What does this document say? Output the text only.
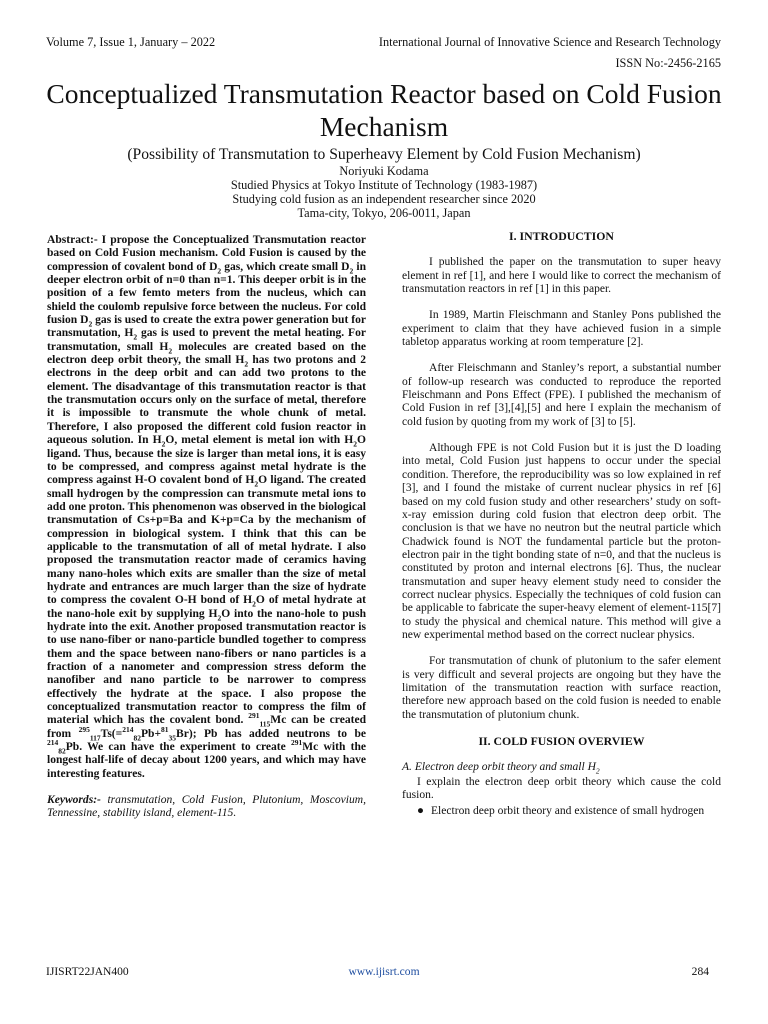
Volume 7, Issue 1, January – 2022	International Journal of Innovative Science and Research Technology
ISSN No:-2456-2165
Conceptualized Transmutation Reactor based on Cold Fusion Mechanism
(Possibility of Transmutation to Superheavy Element by Cold Fusion Mechanism)
Noriyuki Kodama
Studied Physics at Tokyo Institute of Technology (1983-1987)
Studying cold fusion as an independent researcher since 2020
Tama-city, Tokyo, 206-0011, Japan
Abstract:- I propose the Conceptualized Transmutation reactor based on Cold Fusion mechanism. Cold Fusion is caused by the compression of covalent bond of $D_2$ gas, which create small $D_2$ in deeper electron orbit of n=0 than n=1. This deeper orbit is in the position of a few femto meters from the nucleus, which can shield the coulomb repulsive force between the nucleus. For cold fusion $D_2$ gas is used to create the extra power generation but for transmutation, $H_2$ gas is used to prevent the metal heating. For transmutation, small $H_2$ molecules are created based on the electron deep orbit theory, the small $H_2$ has two protons and 2 electrons in the deep orbit and can add two protons to the element. The disadvantage of this transmutation reactor is that the transmutation occurs only on the surface of metal, therefore it is impossible to transmute the whole chunk of metal. Therefore, I also proposed the different cold fusion reactor in aqueous solution. In $H_2O$, metal element is metal ion with $H_2O$ ligand. Thus, because the size is larger than metal ions, it is easy to be compressed, and compress against metal hydrate is the compress against H-O covalent bond of $H_2O$ ligand. The created small hydrogen by the compression can transmute metal ions to add one proton. This phenomenon was observed in the biological transmutation of Cs+p=Ba and K+p=Ca by the mechanism of compression in biological system. I think that this can be applicable to the transmutation of all of metal hydrate. I also proposed the transmutation reactor made of ceramics having many nano-holes which exits are smaller than the size of metal hydrate and entrances are much larger than the size of hydrate to compress the covalent O-H bond of $H_2O$ of metal hydrate at the nano-hole exit by supplying $H_2O$ into the nano-hole to push hydrate into the exit. Another proposed transmutation reactor is to use nano-fiber or nano-particle bundled together to compress them and the space between nano-fibers or nano particles is a fraction of a nanometer and compression stress deform the nanofiber and nano particle to be narrower to compress effectively the hydrate at the space. I also propose the conceptualized transmutation reactor to compress the film of material which has the covalent bond. $^{291}_{115}$Mc can be created from $^{295}_{117}$Ts(=$^{214}_{82}$Pb+$^{81}_{35}$Br); Pb has added neutrons to be $^{214}_{82}$Pb. We can have the experiment to create $^{291}$Mc with the longest half-life of decay about 1200 years, and which may have interesting features.
Keywords:- transmutation, Cold Fusion, Plutonium, Moscovium, Tennessine, stability island, element-115.
I. INTRODUCTION

I published the paper on the transmutation to super heavy element in ref [1], and here I would like to correct the mechanism of transmutation reactors in ref [1] in this paper.

In 1989, Martin Fleischmann and Stanley Pons published the experiment to claim that they have achieved fusion in a simple tabletop apparatus working at room temperature [2].

After Fleischmann and Stanley’s report, a substantial number of follow-up research was conducted to reproduce the reported Fleischmann and Pons Effect (FPE). I published the mechanism of Cold Fusion in ref [3],[4],[5] and here I explain the mechanism of cold fusion by quoting from my work of [3] to [5].

Although FPE is not Cold Fusion but it is just the D loading into metal, Cold Fusion just happens to occur under the special condition. Therefore, the reproducibility was so low explained in ref [3], and I found the mistake of current nuclear physics in ref [6] based on my cold fusion study and other researchers’ study on soft-x-ray emission during cold fusion that electron deep orbit. The conclusion is that we have no neutron but the neutral particle which Chadwick found is NOT the fundamental particle but the proton-electron pair in the tight bonding state of n=0, and that the nucleus is constituted by proton and internal electrons [6]. Thus, the nuclear transmutation and super heavy element study need to consider the correct nuclear physics. Especially the techniques of cold fusion can be applicable to fabricate the super-heavy element of element-115[7] to study the physical and chemical nature. This method will give a new experimental method based on the correct nuclear physics.

For transmutation of chunk of plutonium to the safer element is very difficult and several projects are ongoing but they have the limitation of the transmutation reaction with surface reaction, therefore new approach based on the cold fusion is needed to enable the transmutation of plutonium chunk.

II. COLD FUSION OVERVIEW
A. Electron deep orbit theory and small $H_2$

I explain the electron deep orbit theory which cause the cold fusion.

● Electron deep orbit theory and existence of small hydrogen
IJISRT22JAN400	www.ijisrt.com	284
